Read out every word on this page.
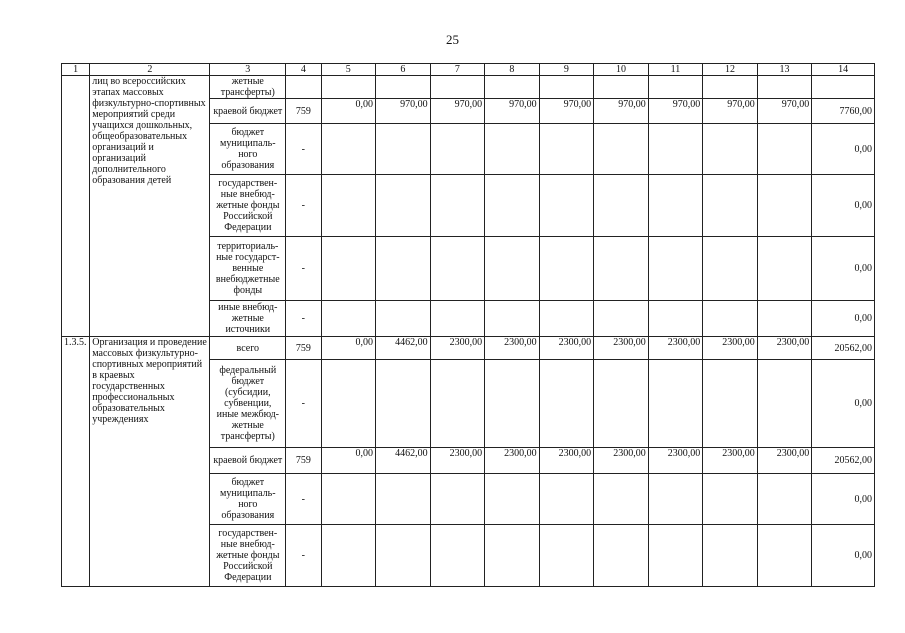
25
1	2	3	4	5	6	7	8	9	10	11	12	13	14
	лиц во всероссийских этапах массовых физкультурно-спортивных мероприятий среди учащихся дошкольных, общеобразовательных организаций и организаций дополнительного образования детей	жетные трансферты)											
		краевой бюджет	759	0,00	970,00	970,00	970,00	970,00	970,00	970,00	970,00	970,00	7760,00
		бюджет муниципаль-ного образования	-										0,00
		государствен-ные внебюд-жетные фонды Российской Федерации	-										0,00
		территориаль-ные государст-венные внебюджетные фонды	-										0,00
		иные внебюд-жетные источники	-										0,00
1.3.5.	Организация и проведение массовых физкультурно-спортивных мероприятий в краевых государственных профессиональных образовательных учреждениях	всего	759	0,00	4462,00	2300,00	2300,00	2300,00	2300,00	2300,00	2300,00	2300,00	20562,00
		федеральный бюджет (субсидии, субвенции, иные межбюд-жетные трансферты)	-										0,00
		краевой бюджет	759	0,00	4462,00	2300,00	2300,00	2300,00	2300,00	2300,00	2300,00	2300,00	20562,00
		бюджет муниципаль-ного образования	-										0,00
		государствен-ные внебюд-жетные фонды Российской Федерации	-										0,00
